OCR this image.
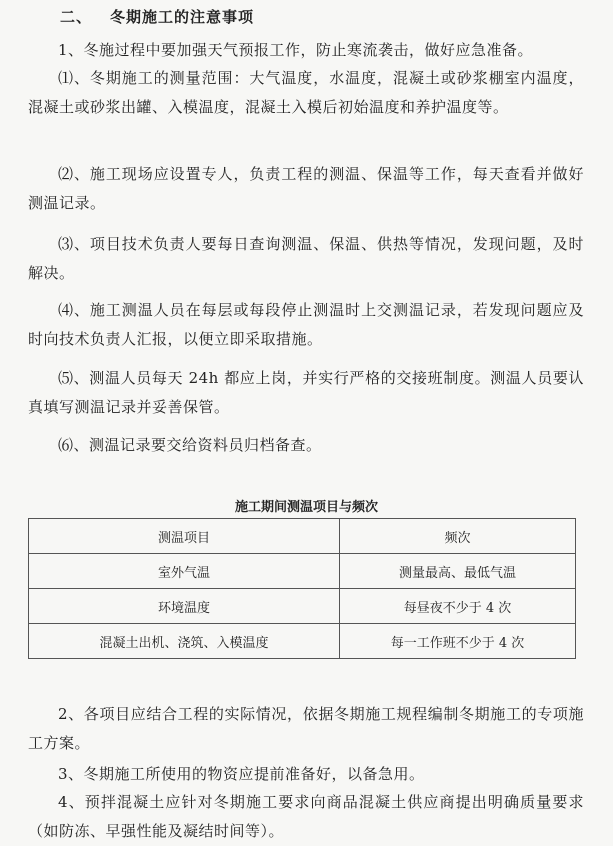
二、 冬期施工的注意事项
1、冬施过程中要加强天气预报工作，防止寒流袭击，做好应急准备。
⑴、冬期施工的测量范围：大气温度，水温度，混凝土或砂浆棚室内温度，混凝土或砂浆出罐、入模温度，混凝土入模后初始温度和养护温度等。
⑵、施工现场应设置专人，负责工程的测温、保温等工作，每天查看并做好测温记录。
⑶、项目技术负责人要每日查询测温、保温、供热等情况，发现问题，及时解决。
⑷、施工测温人员在每层或每段停止测温时上交测温记录，若发现问题应及时向技术负责人汇报，以便立即采取措施。
⑸、测温人员每天 24h 都应上岗，并实行严格的交接班制度。测温人员要认真填写测温记录并妥善保管。
⑹、测温记录要交给资料员归档备查。
施工期间测温项目与频次
测温项目	频次
室外气温	测量最高、最低气温
环境温度	每昼夜不少于 4 次
混凝土出机、浇筑、入模温度	每一工作班不少于 4 次
2、各项目应结合工程的实际情况，依据冬期施工规程编制冬期施工的专项施工方案。
3、冬期施工所使用的物资应提前准备好，以备急用。
4、预拌混凝土应针对冬期施工要求向商品混凝土供应商提出明确质量要求（如防冻、早强性能及凝结时间等）。
